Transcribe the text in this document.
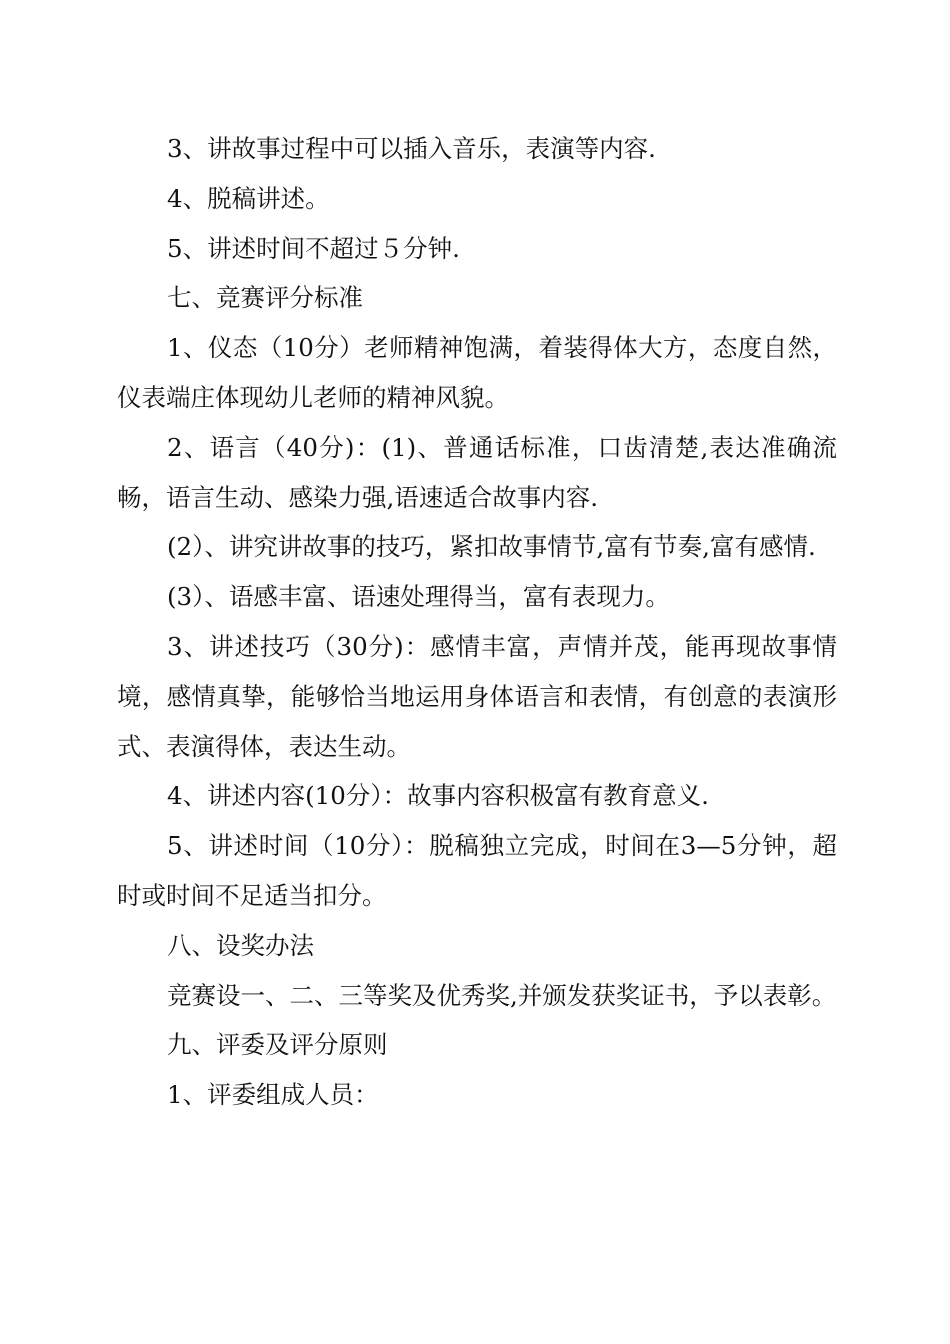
3、讲故事过程中可以插入音乐，表演等内容.

4、脱稿讲述。

5、讲述时间不超过５分钟.

七、竞赛评分标准

1、仪态（10分）老师精神饱满，着装得体大方，态度自然，仪表端庄体现幼儿老师的精神风貌。

2、语言（40分)：(1)、普通话标准，口齿清楚,表达准确流畅，语言生动、感染力强,语速适合故事内容.

(2）、讲究讲故事的技巧，紧扣故事情节,富有节奏,富有感情.

(3）、语感丰富、语速处理得当，富有表现力。

3、讲述技巧（30分)：感情丰富，声情并茂，能再现故事情境，感情真挚，能够恰当地运用身体语言和表情，有创意的表演形式、表演得体，表达生动。

4、讲述内容(10分）：故事内容积极富有教育意义.

5、讲述时间（10分）：脱稿独立完成，时间在3—5分钟，超时或时间不足适当扣分。

八、设奖办法

竞赛设一、二、三等奖及优秀奖,并颁发获奖证书，予以表彰。

九、评委及评分原则

1、评委组成人员：
